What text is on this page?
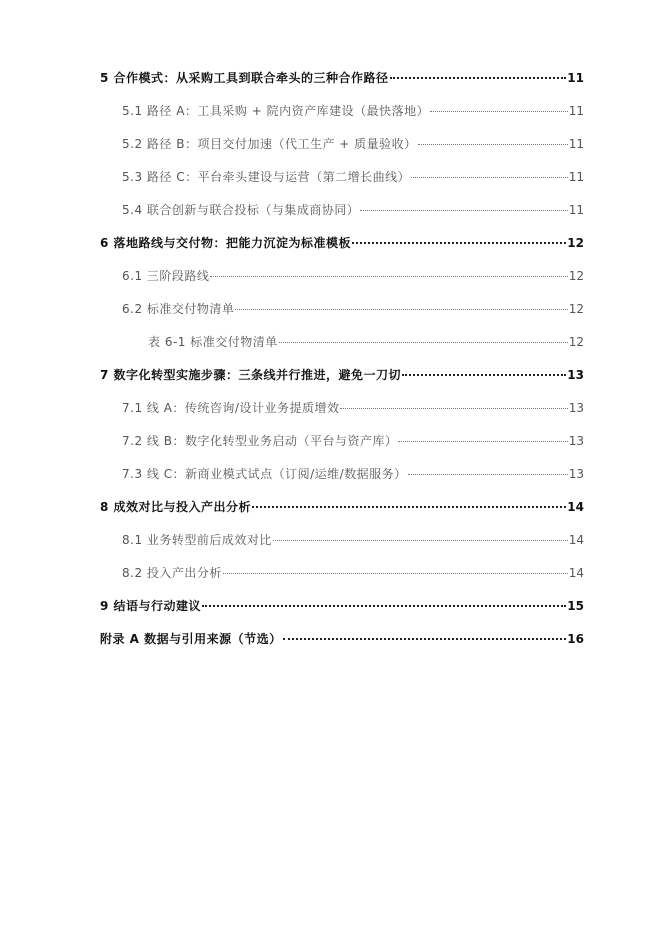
5 合作模式：从采购工具到联合牵头的三种合作路径	11
5.1 路径 A：工具采购 + 院内资产库建设（最快落地）	11
5.2 路径 B：项目交付加速（代工生产 + 质量验收）	11
5.3 路径 C：平台牵头建设与运营（第二增长曲线）	11
5.4 联合创新与联合投标（与集成商协同）	11
6 落地路线与交付物：把能力沉淀为标准模板	12
6.1 三阶段路线	12
6.2 标准交付物清单	12
表 6-1 标准交付物清单	12
7 数字化转型实施步骤：三条线并行推进，避免一刀切	13
7.1 线 A：传统咨询/设计业务提质增效	13
7.2 线 B：数字化转型业务启动（平台与资产库）	13
7.3 线 C：新商业模式试点（订阅/运维/数据服务）	13
8 成效对比与投入产出分析	14
8.1 业务转型前后成效对比	14
8.2 投入产出分析	14
9 结语与行动建议	15
附录 A 数据与引用来源（节选）	16
